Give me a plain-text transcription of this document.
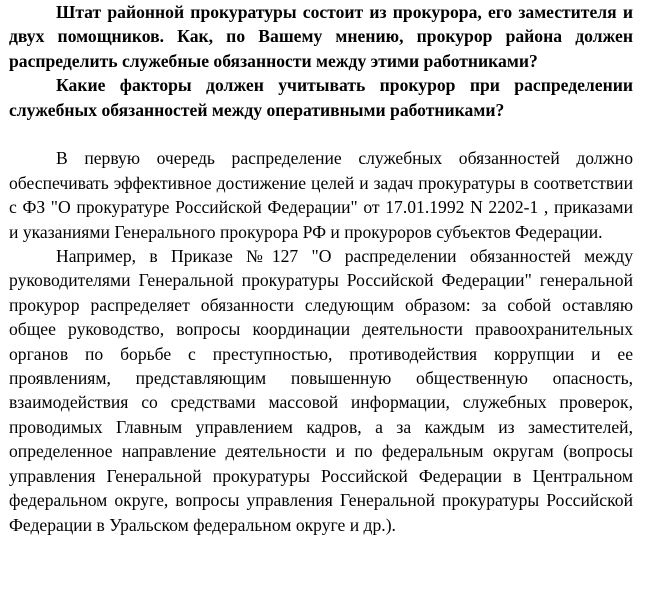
Штат районной прокуратуры состоит из прокурора, его заместителя и двух помощников. Как, по Вашему мнению, прокурор района должен распределить служебные обязанности между этими работниками?

Какие факторы должен учитывать прокурор при распределении служебных обязанностей между оперативными работниками?

В первую очередь распределение служебных обязанностей должно обеспечивать эффективное достижение целей и задач прокуратуры в соответствии с ФЗ "О прокуратуре Российской Федерации" от 17.01.1992 N 2202-1 , приказами и указаниями Генерального прокурора РФ и прокуроров субъектов Федерации.

Например, в Приказе №127 "О распределении обязанностей между руководителями Генеральной прокуратуры Российской Федерации" генеральной прокурор распределяет обязанности следующим образом: за собой оставляю общее руководство, вопросы координации деятельности правоохранительных органов по борьбе с преступностью, противодействия коррупции и ее проявлениям, представляющим повышенную общественную опасность, взаимодействия со средствами массовой информации, служебных проверок, проводимых Главным управлением кадров, а за каждым из заместителей, определенное направление деятельности и по федеральным округам (вопросы управления Генеральной прокуратуры Российской Федерации в Центральном федеральном округе, вопросы управления Генеральной прокуратуры Российской Федерации в Уральском федеральном округе и др.).
